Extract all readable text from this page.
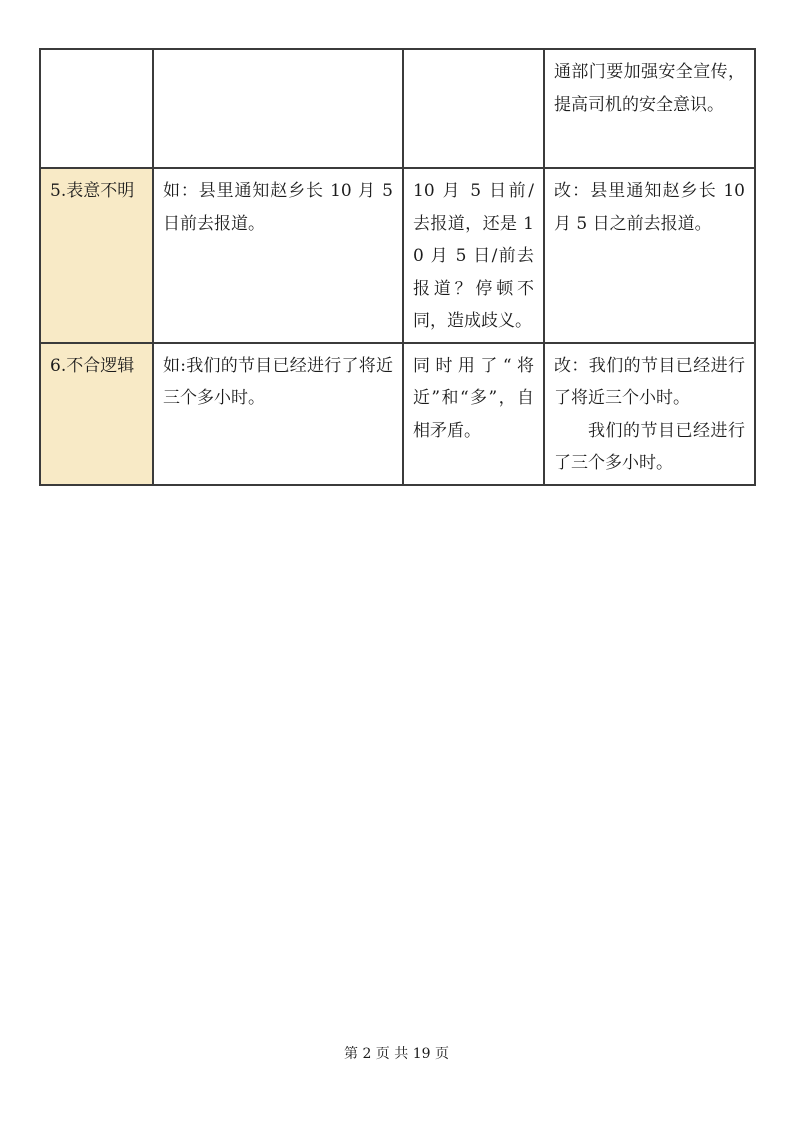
			通部门要加强安全宣传，提高司机的安全意识。
5.表意不明	如：县里通知赵乡长 10 月 5 日前去报道。	10 月 5 日前/去报道，还是 10 月 5 日/前去报道？停顿不同，造成歧义。	改：县里通知赵乡长 10 月 5 日之前去报道。
6.不合逻辑	如:我们的节目已经进行了将近三个多小时。	同时用了“将近”和“多”，自相矛盾。	改：我们的节目已经进行了将近三个小时。
我们的节目已经进行了三个多小时。
第 2 页 共 19 页
